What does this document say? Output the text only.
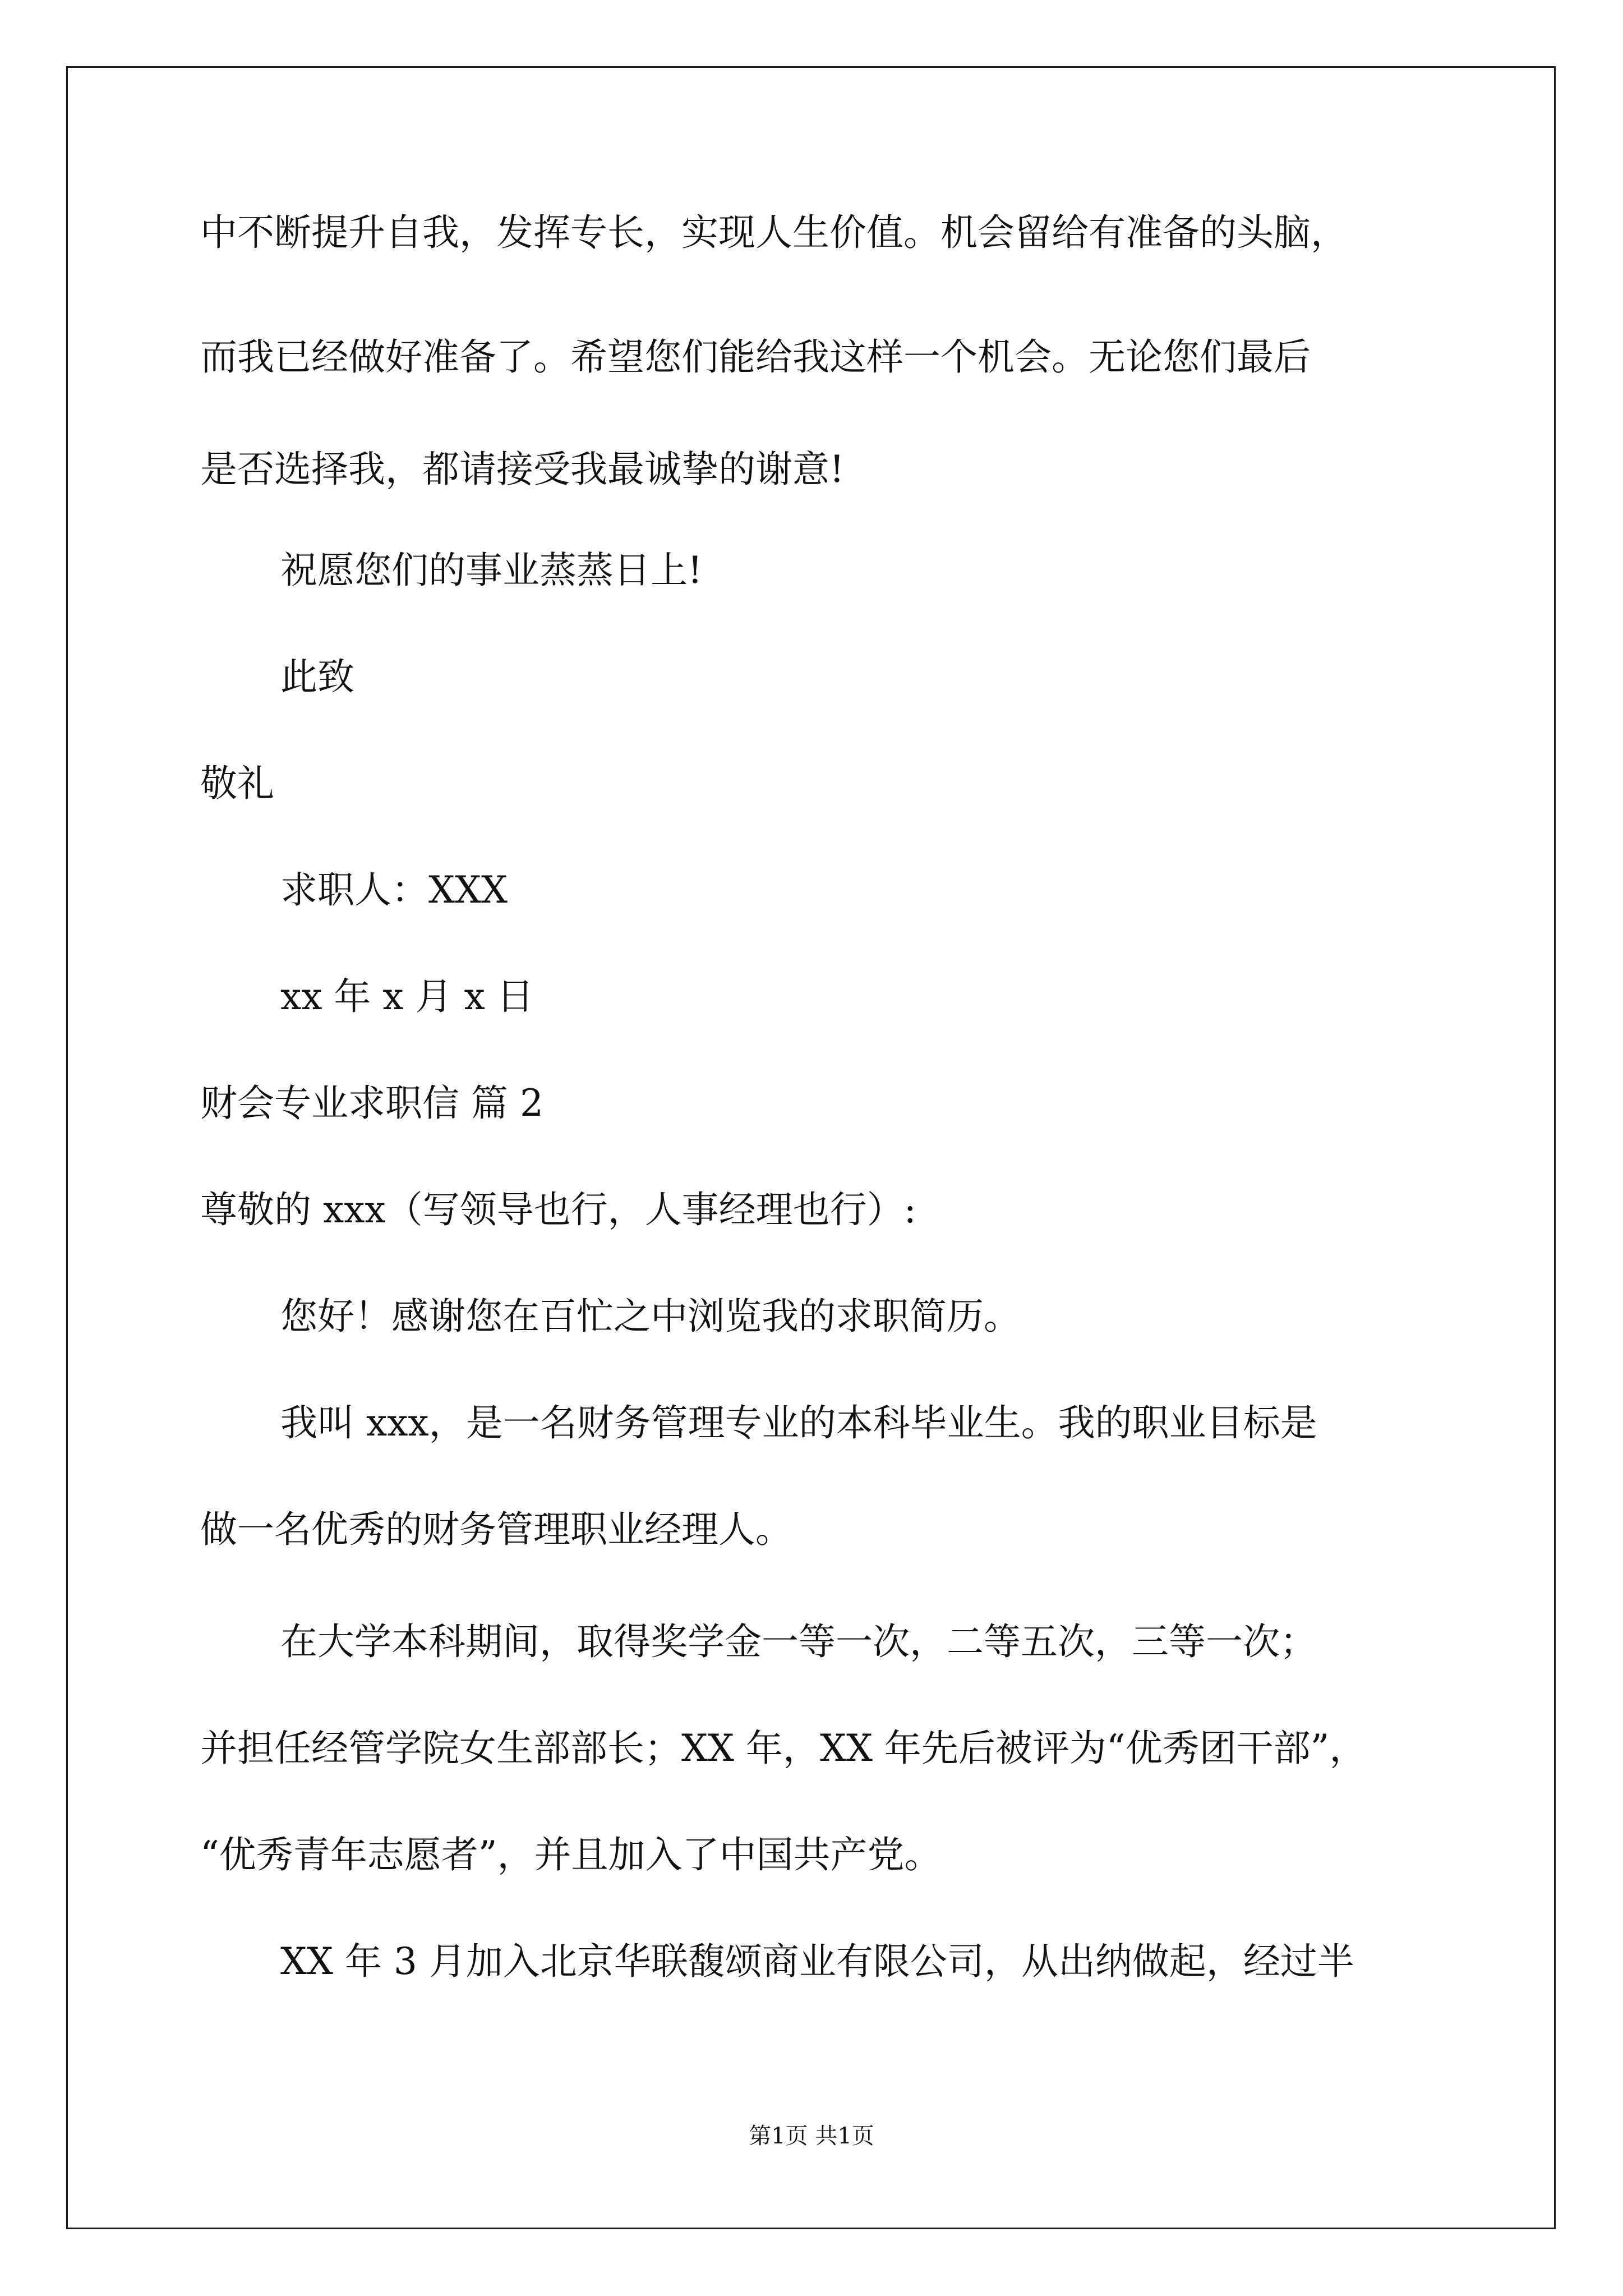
中不断提升自我，发挥专长，实现人生价值。机会留给有准备的头脑，
而我已经做好准备了。希望您们能给我这样一个机会。无论您们最后
是否选择我，都请接受我最诚挚的谢意!
祝愿您们的事业蒸蒸日上!
此致
敬礼
求职人：XXX
xx 年 x 月 x 日
财会专业求职信 篇 2
尊敬的 xxx（写领导也行，人事经理也行）:
您好！感谢您在百忙之中浏览我的求职简历。
我叫 xxx，是一名财务管理专业的本科毕业生。我的职业目标是
做一名优秀的财务管理职业经理人。
在大学本科期间，取得奖学金一等一次，二等五次，三等一次；
并担任经管学院女生部部长；XX 年，XX 年先后被评为“优秀团干部”，
“优秀青年志愿者”，并且加入了中国共产党。
XX 年 3 月加入北京华联馥颂商业有限公司，从出纳做起，经过半
第1页 共1页
